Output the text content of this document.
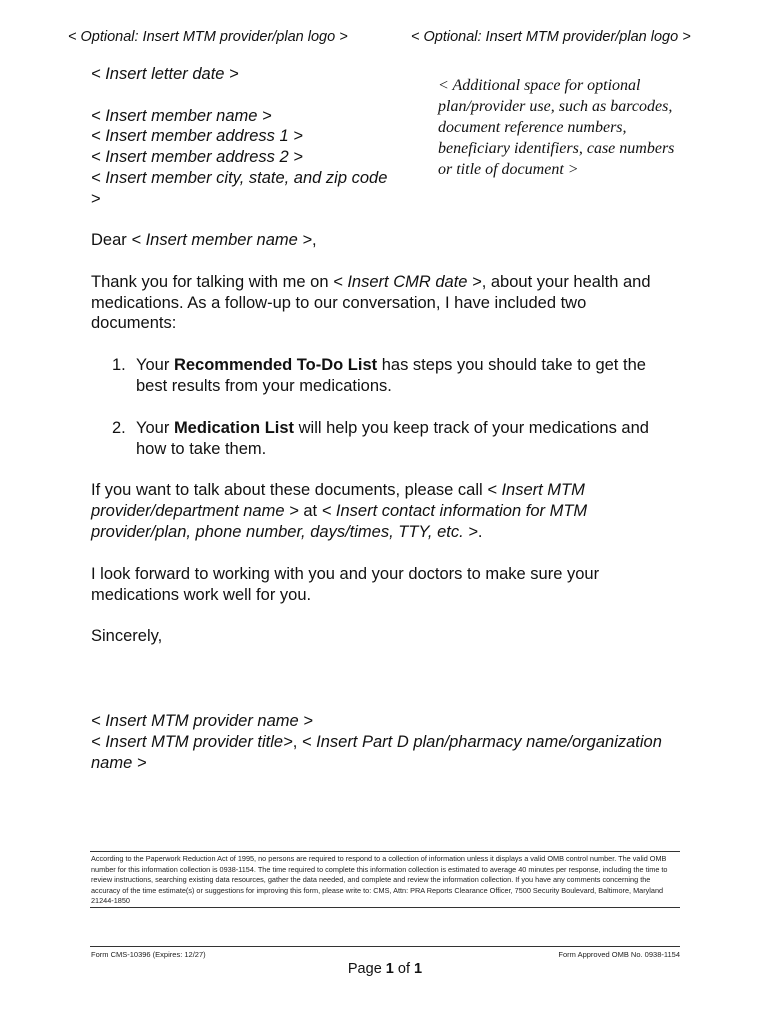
< Optional: Insert MTM provider/plan logo >	< Optional: Insert MTM provider/plan logo >
< Insert letter date >
< Insert member name >
< Insert member address 1 >
< Insert member address 2 >
< Insert member city, state, and zip code
>
< Additional space for optional plan/provider use, such as barcodes, document reference numbers, beneficiary identifiers, case numbers or title of document >

Dear < Insert member name >,

Thank you for talking with me on < Insert CMR date >, about your health and medications. As a follow-up to our conversation, I have included two documents:

1. Your Recommended To-Do List has steps you should take to get the best results from your medications.
2. Your Medication List will help you keep track of your medications and how to take them.

If you want to talk about these documents, please call < Insert MTM provider/department name > at < Insert contact information for MTM provider/plan, phone number, days/times, TTY, etc. >.

I look forward to working with you and your doctors to make sure your medications work well for you.

Sincerely,

< Insert MTM provider name >
< Insert MTM provider title>, < Insert Part D plan/pharmacy name/organization name >

According to the Paperwork Reduction Act of 1995, no persons are required to respond to a collection of information unless it displays a valid OMB control number. The valid OMB number for this information collection is 0938-1154. The time required to complete this information collection is estimated to average 40 minutes per response, including the time to review instructions, searching existing data resources, gather the data needed, and complete and review the information collection. If you have any comments concerning the accuracy of the time estimate(s) or suggestions for improving this form, please write to: CMS, Attn: PRA Reports Clearance Officer, 7500 Security Boulevard, Baltimore, Maryland 21244-1850
Form CMS-10396 (Expires: 12/27)	Form Approved OMB No. 0938-1154
Page 1 of 1
